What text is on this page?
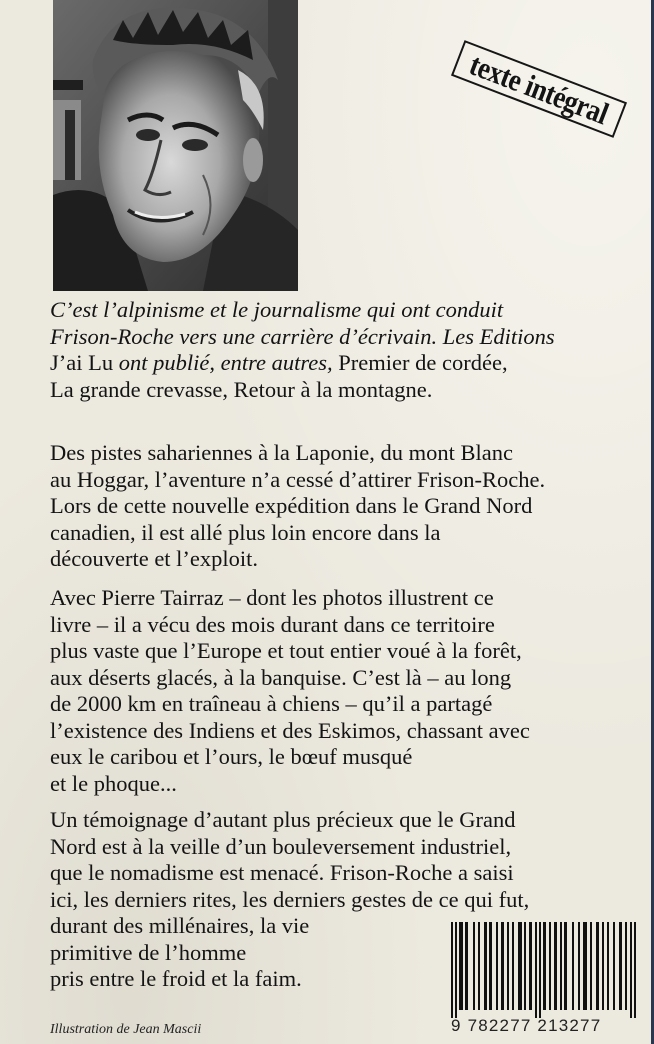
texte intégral
C’est l’alpinisme et le journalisme qui ont conduit
Frison-Roche vers une carrière d’écrivain. Les Editions
J’ai Lu ont publié, entre autres, Premier de cordée,
La grande crevasse, Retour à la montagne.
Des pistes sahariennes à la Laponie, du mont Blanc
au Hoggar, l’aventure n’a cessé d’attirer Frison-Roche.
Lors de cette nouvelle expédition dans le Grand Nord
canadien, il est allé plus loin encore dans la
découverte et l’exploit.
Avec Pierre Tairraz – dont les photos illustrent ce
livre – il a vécu des mois durant dans ce territoire
plus vaste que l’Europe et tout entier voué à la forêt,
aux déserts glacés, à la banquise. C’est là – au long
de 2000 km en traîneau à chiens – qu’il a partagé
l’existence des Indiens et des Eskimos, chassant avec
eux le caribou et l’ours, le bœuf musqué
et le phoque...
Un témoignage d’autant plus précieux que le Grand
Nord est à la veille d’un bouleversement industriel,
que le nomadisme est menacé. Frison-Roche a saisi
ici, les derniers rites, les derniers gestes de ce qui fut,
durant des millénaires, la vie
primitive de l’homme
pris entre le froid et la faim.
9 782277 213277
Illustration de Jean Mascii
